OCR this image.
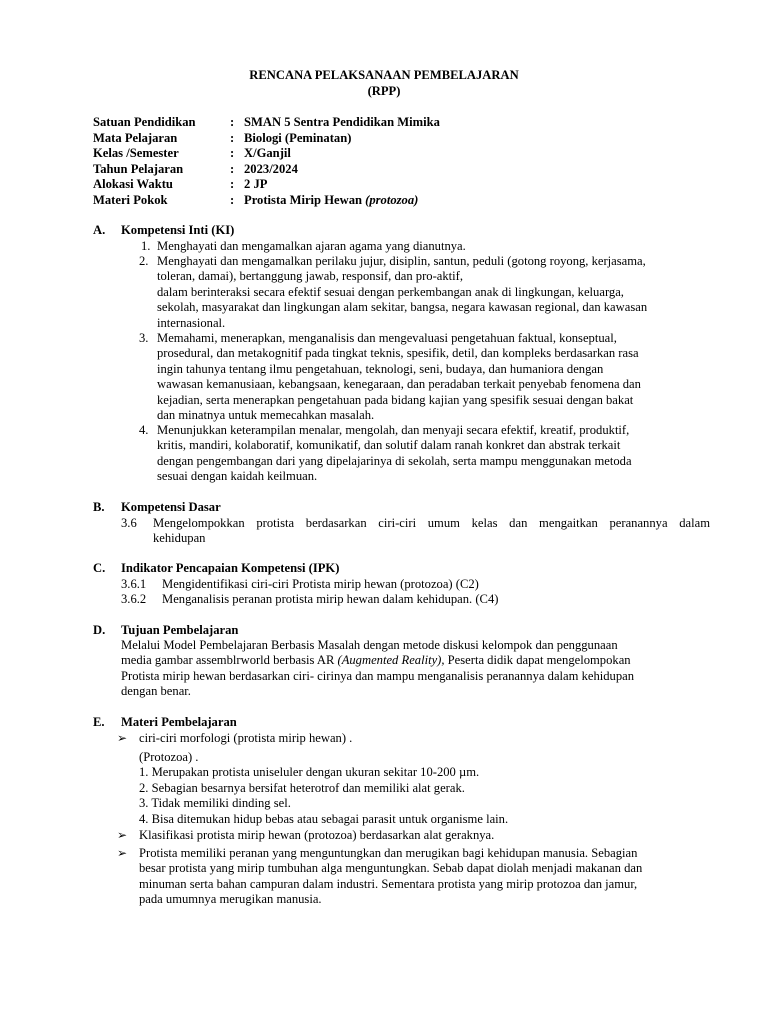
RENCANA PELAKSANAAN PEMBELAJARAN
(RPP)
Satuan Pendidikan	: SMAN 5 Sentra Pendidikan Mimika
Mata Pelajaran	: Biologi (Peminatan)
Kelas /Semester	: X/Ganjil
Tahun Pelajaran	: 2023/2024
Alokasi Waktu	: 2 JP
Materi Pokok	: Protista Mirip Hewan (protozoa)
A. Kompetensi Inti (KI)
1. Menghayati dan mengamalkan ajaran agama yang dianutnya.
2. Menghayati dan mengamalkan perilaku jujur, disiplin, santun, peduli (gotong royong, kerjasama,
toleran, damai), bertanggung jawab, responsif, dan pro-aktif,
dalam berinteraksi secara efektif sesuai dengan perkembangan anak di lingkungan, keluarga,
sekolah, masyarakat dan lingkungan alam sekitar, bangsa, negara kawasan regional, dan kawasan
internasional.
3. Memahami, menerapkan, menganalisis dan mengevaluasi pengetahuan faktual, konseptual,
prosedural, dan metakognitif pada tingkat teknis, spesifik, detil, dan kompleks berdasarkan rasa
ingin tahunya tentang ilmu pengetahuan, teknologi, seni, budaya, dan humaniora dengan
wawasan kemanusiaan, kebangsaan, kenegaraan, dan peradaban terkait penyebab fenomena dan
kejadian, serta menerapkan pengetahuan pada bidang kajian yang spesifik sesuai dengan bakat
dan minatnya untuk memecahkan masalah.
4. Menunjukkan keterampilan menalar, mengolah, dan menyaji secara efektif, kreatif, produktif,
kritis, mandiri, kolaboratif, komunikatif, dan solutif dalam ranah konkret dan abstrak terkait
dengan pengembangan dari yang dipelajarinya di sekolah, serta mampu menggunakan metoda
sesuai dengan kaidah keilmuan.
B. Kompetensi Dasar
3.6 Mengelompokkan protista berdasarkan ciri-ciri umum kelas dan mengaitkan peranannya dalam
kehidupan
C. Indikator Pencapaian Kompetensi (IPK)
3.6.1 Mengidentifikasi ciri-ciri Protista mirip hewan (protozoa) (C2)
3.6.2 Menganalisis peranan protista mirip hewan dalam kehidupan. (C4)
D. Tujuan Pembelajaran
Melalui Model Pembelajaran Berbasis Masalah dengan metode diskusi kelompok dan penggunaan
media gambar assemblrworld berbasis AR (Augmented Reality), Peserta didik dapat mengelompokan
Protista mirip hewan berdasarkan ciri- cirinya dan mampu menganalisis peranannya dalam kehidupan
dengan benar.
E. Materi Pembelajaran
➢ ciri-ciri morfologi (protista mirip hewan) .
(Protozoa) .
1. Merupakan protista uniseluler dengan ukuran sekitar 10-200 µm.
2. Sebagian besarnya bersifat heterotrof dan memiliki alat gerak.
3. Tidak memiliki dinding sel.
4. Bisa ditemukan hidup bebas atau sebagai parasit untuk organisme lain.
➢ Klasifikasi protista mirip hewan (protozoa) berdasarkan alat geraknya.
➢ Protista memiliki peranan yang menguntungkan dan merugikan bagi kehidupan manusia. Sebagian
besar protista yang mirip tumbuhan alga menguntungkan. Sebab dapat diolah menjadi makanan dan
minuman serta bahan campuran dalam industri. Sementara protista yang mirip protozoa dan jamur,
pada umumnya merugikan manusia.
